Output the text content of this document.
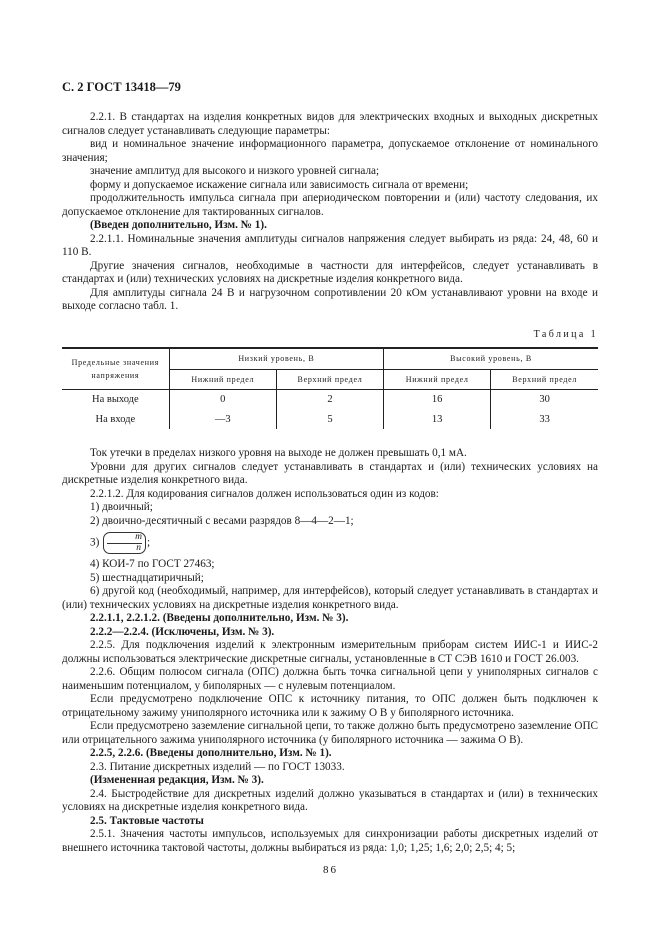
С. 2 ГОСТ 13418—79

2.2.1. В стандартах на изделия конкретных видов для электрических входных и выходных дискретных сигналов следует устанавливать следующие параметры:

вид и номинальное значение информационного параметра, допускаемое отклонение от номинального значения;

значение амплитуд для высокого и низкого уровней сигнала;

форму и допускаемое искажение сигнала или зависимость сигнала от времени;

продолжительность импульса сигнала при апериодическом повторении и (или) частоту следования, их допускаемое отклонение для тактированных сигналов.

(Введен дополнительно, Изм. № 1).

2.2.1.1. Номинальные значения амплитуды сигналов напряжения следует выбирать из ряда: 24, 48, 60 и 110 В.

Другие значения сигналов, необходимые в частности для интерфейсов, следует устанавливать в стандартах и (или) технических условиях на дискретные изделия конкретного вида.

Для амплитуды сигнала 24 В и нагрузочном сопротивлении 20 кОм устанавливают уровни на входе и выходе согласно табл. 1.

Таблица 1
Предельные значения напряжения	Низкий уровень, В		Высокий уровень, В	
	Нижний предел	Верхний предел	Нижний предел	Верхний предел
На выходе	0	2	16	30
На входе	—3	5	13	33

Ток утечки в пределах низкого уровня на выходе не должен превышать 0,1 мА.

Уровни для других сигналов следует устанавливать в стандартах и (или) технических условиях на дискретные изделия конкретного вида.

2.2.1.2. Для кодирования сигналов должен использоваться один из кодов:

1) двоичный;

2) двоично-десятичный с весами разрядов 8—4—2—1;

$3) \frac{m}{n}$ ;

4) КОИ-7 по ГОСТ 27463;

5) шестнадцатиричный;

6) другой код (необходимый, например, для интерфейсов), который следует устанавливать в стандартах и (или) технических условиях на дискретные изделия конкретного вида.

2.2.1.1, 2.2.1.2. (Введены дополнительно, Изм. № 3).

2.2.2—2.2.4. (Исключены, Изм. № 3).

2.2.5. Для подключения изделий к электронным измерительным приборам систем ИИС-1 и ИИС-2 должны использоваться электрические дискретные сигналы, установленные в СТ СЭВ 1610 и ГОСТ 26.003.

2.2.6. Общим полюсом сигнала (ОПС) должна быть точка сигнальной цепи у униполярных сигналов с наименьшим потенциалом, у биполярных — с нулевым потенциалом.

Если предусмотрено подключение ОПС к источнику питания, то ОПС должен быть подключен к отрицательному зажиму униполярного источника или к зажиму О В у биполярного источника.

Если предусмотрено заземление сигнальной цепи, то также должно быть предусмотрено заземление ОПС или отрицательного зажима униполярного источника (у биполярного источника — зажима О В).

2.2.5, 2.2.6. (Введены дополнительно, Изм. № 1).

2.3. Питание дискретных изделий — по ГОСТ 13033.

(Измененная редакция, Изм. № 3).

2.4. Быстродействие для дискретных изделий должно указываться в стандартах и (или) в технических условиях на дискретные изделия конкретного вида.

2.5. Тактовые частоты

2.5.1. Значения частоты импульсов, используемых для синхронизации работы дискретных изделий от внешнего источника тактовой частоты, должны выбираться из ряда: 1,0; 1,25; 1,6; 2,0; 2,5; 4; 5;

86
